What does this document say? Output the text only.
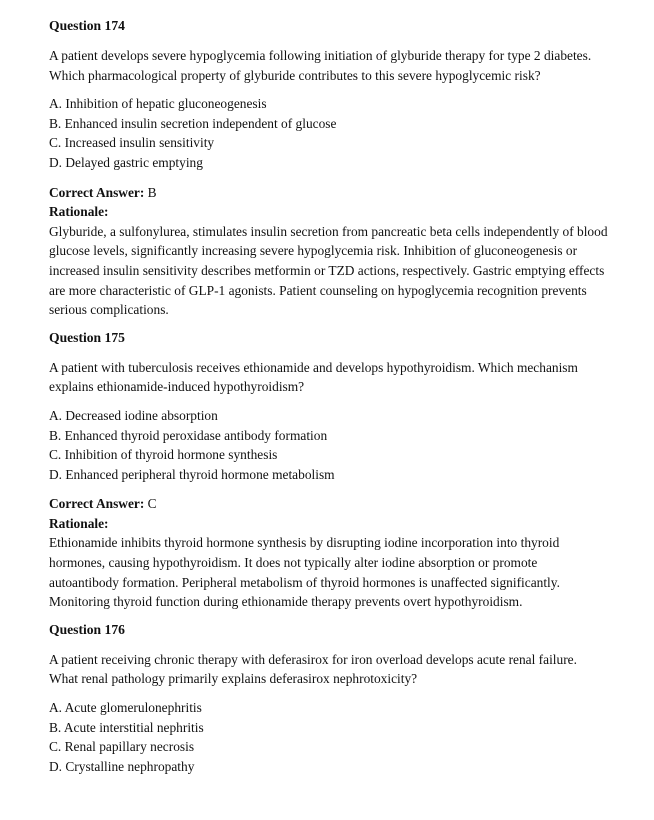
Question 174

A patient develops severe hypoglycemia following initiation of glyburide therapy for type 2 diabetes. Which pharmacological property of glyburide contributes to this severe hypoglycemic risk?

A. Inhibition of hepatic gluconeogenesis
B. Enhanced insulin secretion independent of glucose
C. Increased insulin sensitivity
D. Delayed gastric emptying

Correct Answer: B

Rationale:

Glyburide, a sulfonylurea, stimulates insulin secretion from pancreatic beta cells independently of blood glucose levels, significantly increasing severe hypoglycemia risk. Inhibition of gluconeogenesis or increased insulin sensitivity describes metformin or TZD actions, respectively. Gastric emptying effects are more characteristic of GLP-1 agonists. Patient counseling on hypoglycemia recognition prevents serious complications.

Question 175

A patient with tuberculosis receives ethionamide and develops hypothyroidism. Which mechanism explains ethionamide-induced hypothyroidism?

A. Decreased iodine absorption
B. Enhanced thyroid peroxidase antibody formation
C. Inhibition of thyroid hormone synthesis
D. Enhanced peripheral thyroid hormone metabolism

Correct Answer: C

Rationale:

Ethionamide inhibits thyroid hormone synthesis by disrupting iodine incorporation into thyroid hormones, causing hypothyroidism. It does not typically alter iodine absorption or promote autoantibody formation. Peripheral metabolism of thyroid hormones is unaffected significantly. Monitoring thyroid function during ethionamide therapy prevents overt hypothyroidism.

Question 176

A patient receiving chronic therapy with deferasirox for iron overload develops acute renal failure. What renal pathology primarily explains deferasirox nephrotoxicity?

A. Acute glomerulonephritis
B. Acute interstitial nephritis
C. Renal papillary necrosis
D. Crystalline nephropathy
